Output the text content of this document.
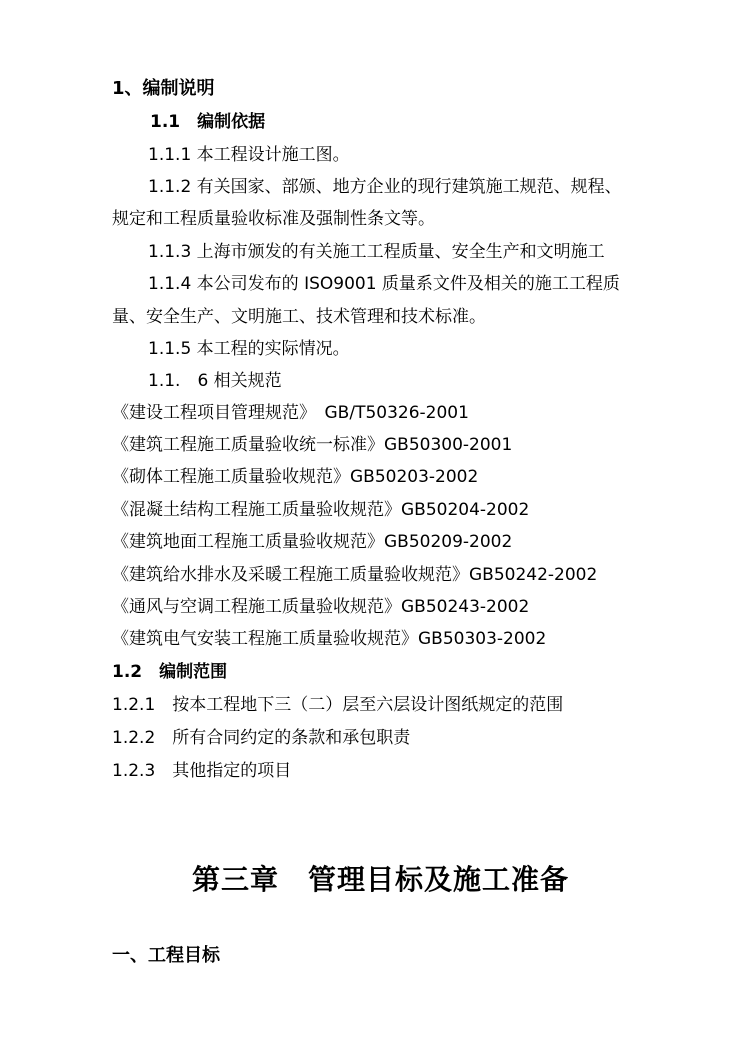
1、编制说明
1.1　编制依据
1.1.1 本工程设计施工图。
1.1.2 有关国家、部颁、地方企业的现行建筑施工规范、规程、
规定和工程质量验收标准及强制性条文等。
1.1.3 上海市颁发的有关施工工程质量、安全生产和文明施工
1.1.4 本公司发布的 ISO9001 质量系文件及相关的施工工程质
量、安全生产、文明施工、技术管理和技术标准。
1.1.5 本工程的实际情况。
1.1.　6 相关规范
《建设工程项目管理规范》　GB/T50326-2001
《建筑工程施工质量验收统一标准》GB50300-2001
《砌体工程施工质量验收规范》GB50203-2002
《混凝土结构工程施工质量验收规范》GB50204-2002
《建筑地面工程施工质量验收规范》GB50209-2002
《建筑给水排水及采暖工程施工质量验收规范》GB50242-2002
《通风与空调工程施工质量验收规范》GB50243-2002
《建筑电气安装工程施工质量验收规范》GB50303-2002
1.2　编制范围
1.2.1　按本工程地下三（二）层至六层设计图纸规定的范围
1.2.2　所有合同约定的条款和承包职责
1.2.3　其他指定的项目
第三章　管理目标及施工准备
一、工程目标
